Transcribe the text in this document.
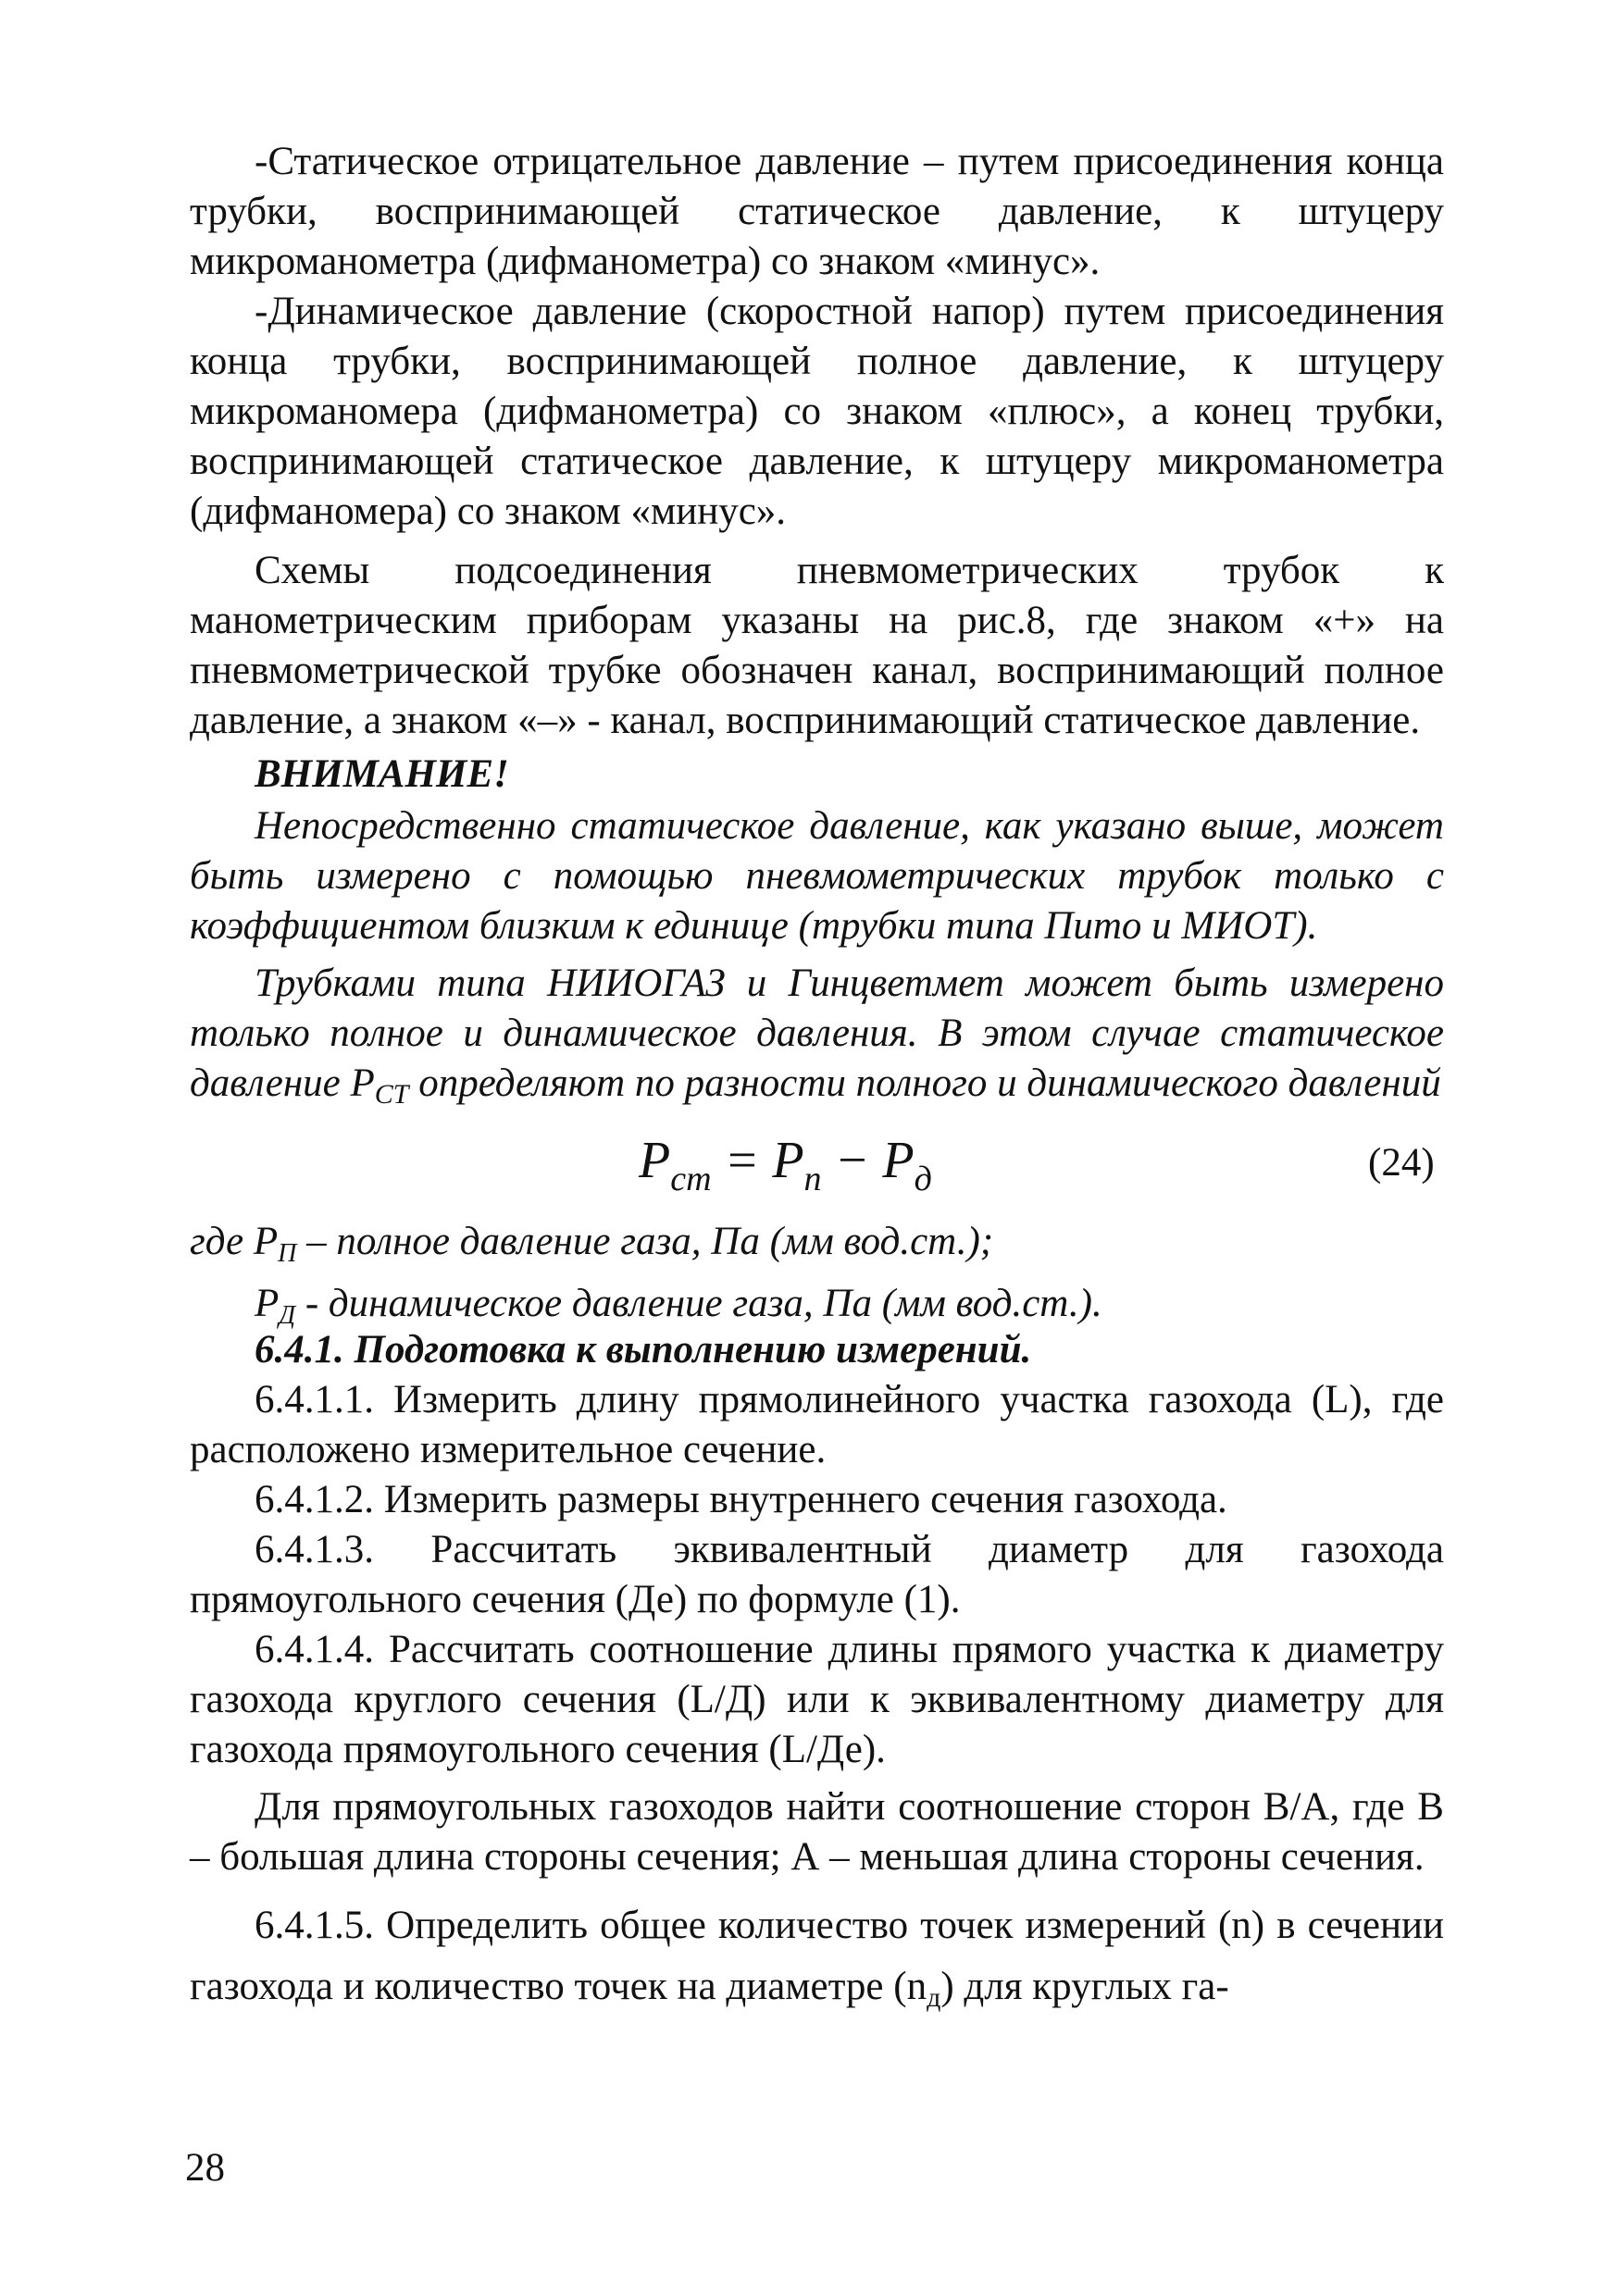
-Статическое отрицательное давление – путем присоединения конца трубки, воспринимающей статическое давление, к штуцеру микроманометра (дифманометра) со знаком «минус».

-Динамическое давление (скоростной напор) путем присоединения конца трубки, воспринимающей полное давление, к штуцеру микроманомера (дифманометра) со знаком «плюс», а конец трубки, воспринимающей статическое давление, к штуцеру микроманометра (дифманомера) со знаком «минус».

Схемы подсоединения пневмометрических трубок к манометрическим приборам указаны на рис.8, где знаком «+» на пневмометрической трубке обозначен канал, воспринимающий полное давление, а знаком «–» - канал, воспринимающий статическое давление.

ВНИМАНИЕ!

Непосредственно статическое давление, как указано выше, может быть измерено с помощью пневмометрических трубок только с коэффициентом близким к единице (трубки типа Пито и МИОТ).

Трубками типа НИИОГАЗ и Гинцветмет может быть измерено только полное и динамическое давления. В этом случае статическое давление РСТ определяют по разности полного и динамического давлений

$P_{ст} = P_п - P_д$	(24)
где $Р_П$ – полное давление газа, Па (мм вод.ст.);
$Р_Д$ - динамическое давление газа, Па (мм вод.ст.).

6.4.1. Подготовка к выполнению измерений.

6.4.1.1. Измерить длину прямолинейного участка газохода (L), где расположено измерительное сечение.

6.4.1.2. Измерить размеры внутреннего сечения газохода.

6.4.1.3. Рассчитать эквивалентный диаметр для газохода прямоугольного сечения (Де) по формуле (1).

6.4.1.4. Рассчитать соотношение длины прямого участка к диаметру газохода круглого сечения (L/Д) или к эквивалентному диаметру для газохода прямоугольного сечения (L/Де).

Для прямоугольных газоходов найти соотношение сторон В/А, где В – большая длина стороны сечения; А – меньшая длина стороны сечения.

6.4.1.5. Определить общее количество точек измерений (n) в сечении газохода и количество точек на диаметре $(n_д)$ для круглых га-

28
